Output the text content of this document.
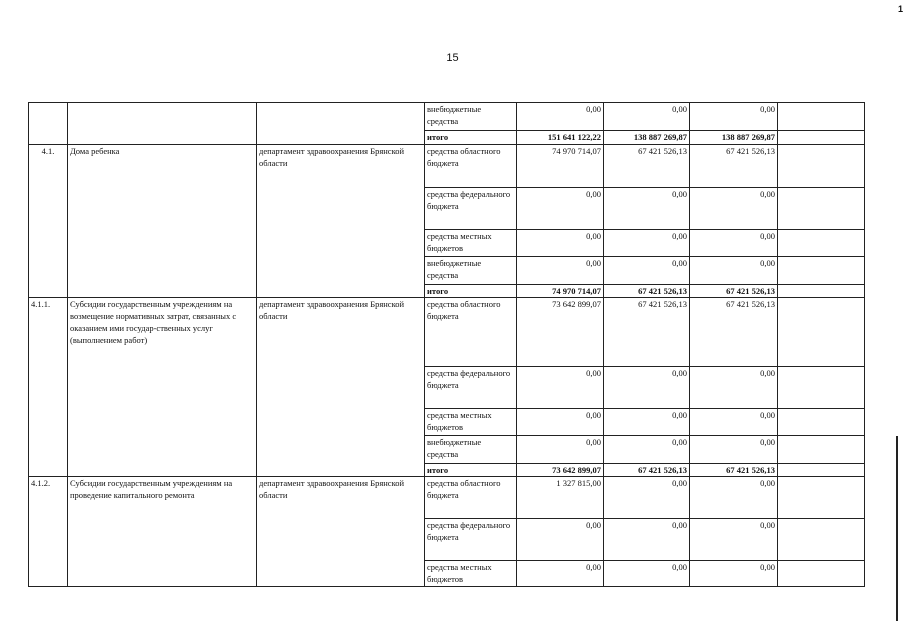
1
15
			внебюджетные средства	0,00	0,00	0,00	
			итого	151 641 122,22	138 887 269,87	138 887 269,87	
4.1.	Дома ребенка	департамент здравоохранения Брянской области	средства областного бюджета	74 970 714,07	67 421 526,13	67 421 526,13	
			средства федерального бюджета	0,00	0,00	0,00	
			средства местных бюджетов	0,00	0,00	0,00	
			внебюджетные средства	0,00	0,00	0,00	
			итого	74 970 714,07	67 421 526,13	67 421 526,13	
4.1.1.	Субсидии государственным учреждениям на возмещение нормативных затрат, связанных с оказанием ими государ-ственных услуг (выполнением работ)	департамент здравоохранения Брянской области	средства областного бюджета	73 642 899,07	67 421 526,13	67 421 526,13	
			средства федерального бюджета	0,00	0,00	0,00	
			средства местных бюджетов	0,00	0,00	0,00	
			внебюджетные средства	0,00	0,00	0,00	
			итого	73 642 899,07	67 421 526,13	67 421 526,13	
4.1.2.	Субсидии государственным учреждениям на проведение капитального ремонта	департамент здравоохранения Брянской области	средства областного бюджета	1 327 815,00	0,00	0,00	
			средства федерального бюджета	0,00	0,00	0,00	
			средства местных бюджетов	0,00	0,00	0,00	
